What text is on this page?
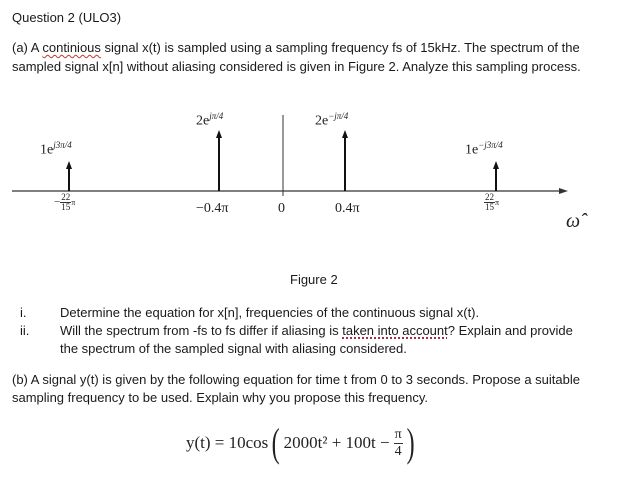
Question 2 (ULO3)
(a) A continious signal x(t) is sampled using a sampling frequency fs of 15kHz. The spectrum of the
sampled signal x[n] without aliasing considered is given in Figure 2. Analyze this sampling process.
$1e^{j3\pi/4}$
$2e^{j\pi/4}$	$2e^{-j\pi/4}$
$1e^{-j3\pi/4}$
− $\frac{22}{15}$ π	−0.4π	0	0.4π	$\frac{22}{15}$ π
ω̂
Figure 2
i.	Determine the equation for x[n], frequencies of the continuous signal x(t).
ii. Will the spectrum from -fs to fs differ if aliasing is taken into account? Explain and provide
the spectrum of the sampled signal with aliasing considered.
(b) A signal y(t) is given by the following equation for time t from 0 to 3 seconds. Propose a suitable
sampling frequency to be used. Explain why you propose this frequency.
y(t) = 10cos ( $2000t^2 + 100t - \frac{\pi}{4}$ )
